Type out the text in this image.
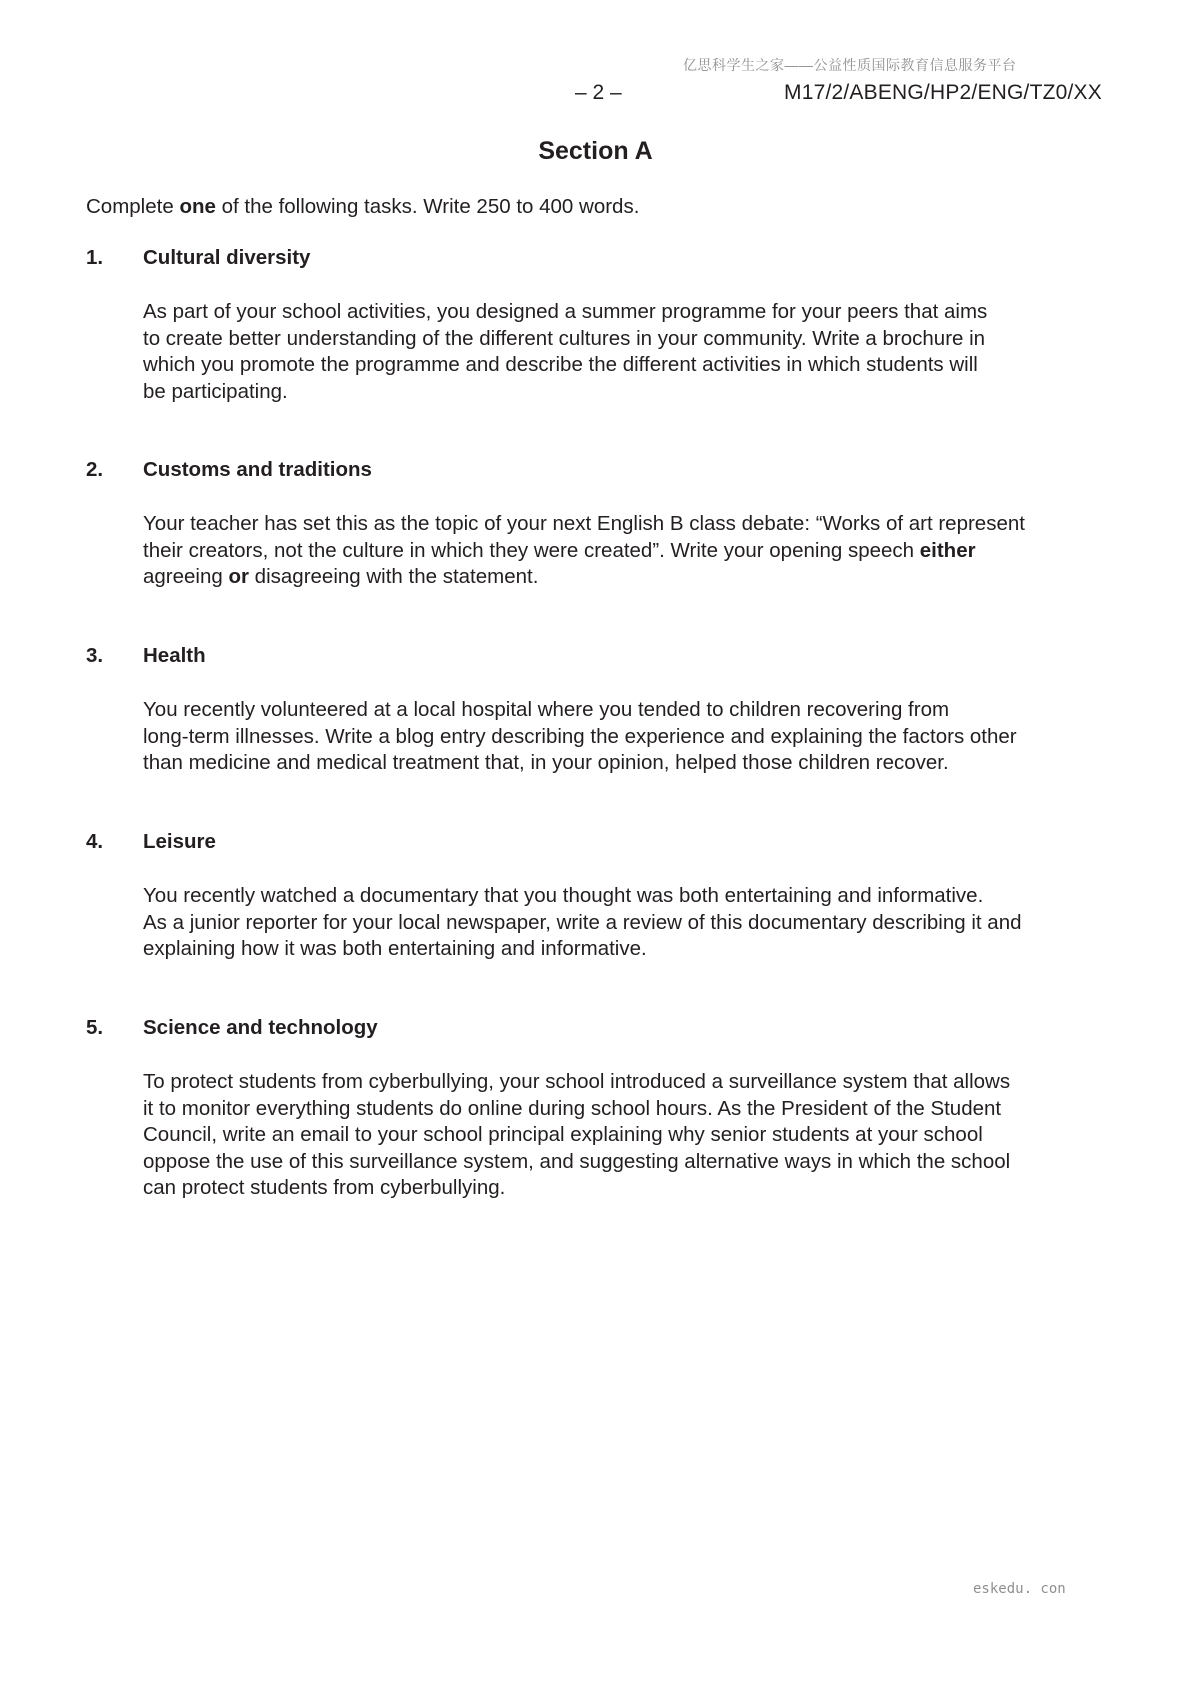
亿思科学生之家——公益性质国际教育信息服务平台
– 2 –	M17/2/ABENG/HP2/ENG/TZ0/XX
Section A
Complete one of the following tasks. Write 250 to 400 words.
1. Cultural diversity
As part of your school activities, you designed a summer programme for your peers that aims
to create better understanding of the different cultures in your community. Write a brochure in
which you promote the programme and describe the different activities in which students will
be participating.
2. Customs and traditions
Your teacher has set this as the topic of your next English B class debate: “Works of art represent
their creators, not the culture in which they were created”. Write your opening speech either
agreeing or disagreeing with the statement.
3. Health
You recently volunteered at a local hospital where you tended to children recovering from
long-term illnesses. Write a blog entry describing the experience and explaining the factors other
than medicine and medical treatment that, in your opinion, helped those children recover.
4. Leisure
You recently watched a documentary that you thought was both entertaining and informative.
As a junior reporter for your local newspaper, write a review of this documentary describing it and
explaining how it was both entertaining and informative.
5. Science and technology
To protect students from cyberbullying, your school introduced a surveillance system that allows
it to monitor everything students do online during school hours. As the President of the Student
Council, write an email to your school principal explaining why senior students at your school
oppose the use of this surveillance system, and suggesting alternative ways in which the school
can protect students from cyberbullying.
eskedu. con
